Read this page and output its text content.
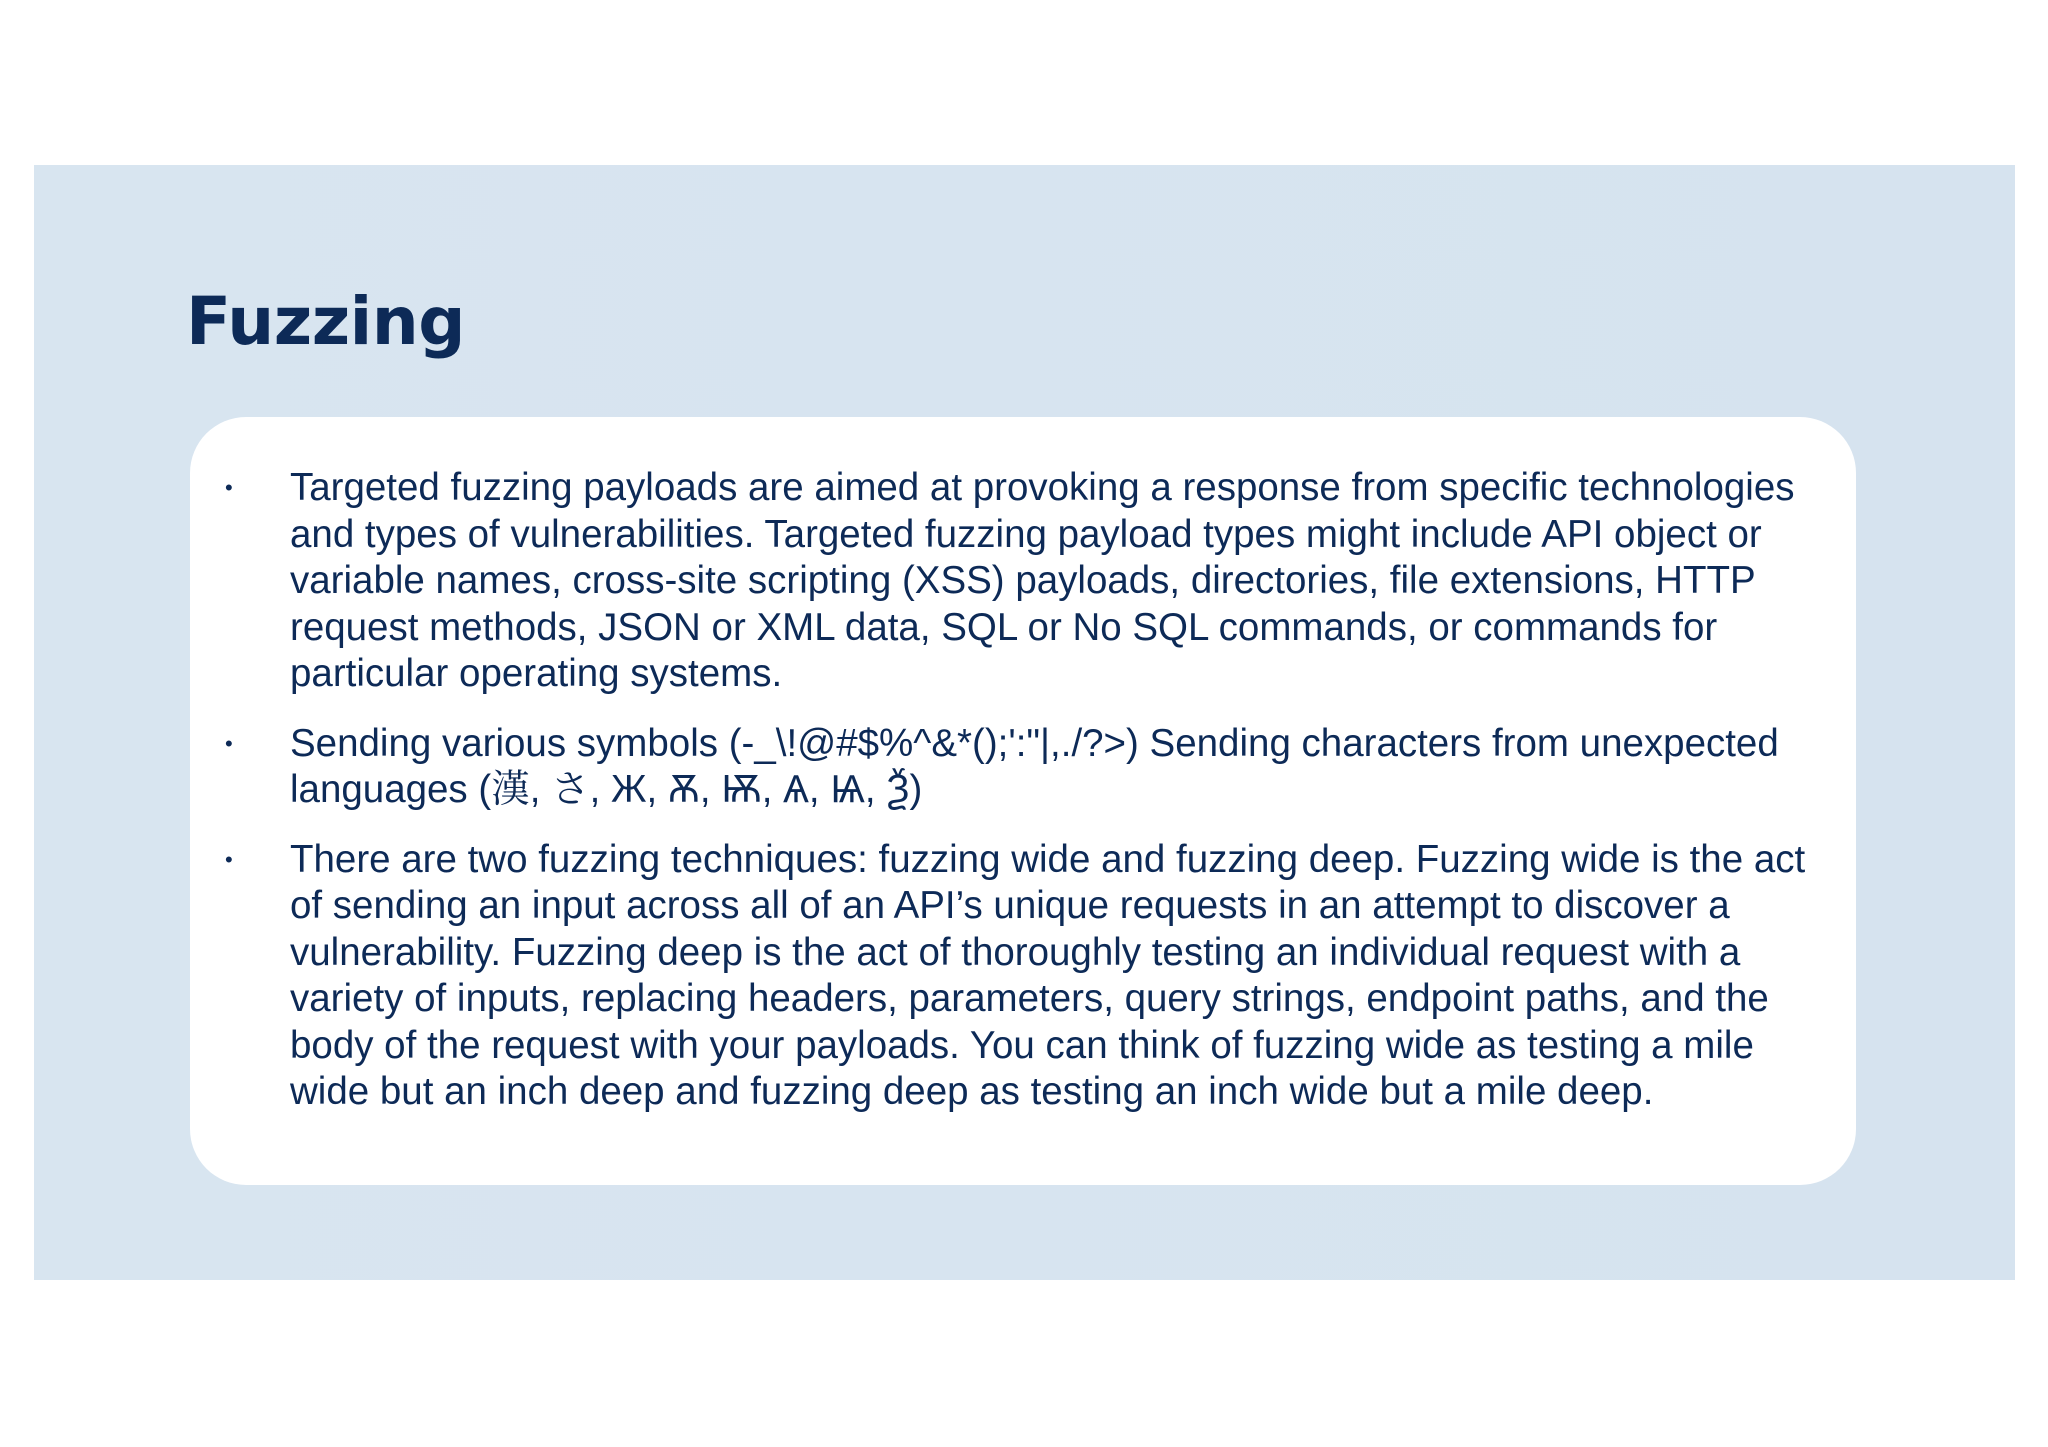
Fuzzing
• Targeted fuzzing payloads are aimed at provoking a response from specific technologies and types of vulnerabilities. Targeted fuzzing payload types might include API object or variable names, cross-site scripting (XSS) payloads, directories, file extensions, HTTP request methods, JSON or XML data, SQL or No SQL commands, or commands for particular operating systems.
• Sending various symbols (-_\!@#$%^&*();':"|,./?>) Sending characters from unexpected languages (漢, さ, Ж, Ѫ, Ѭ, Ѧ, Ѩ, Ѯ)
• There are two fuzzing techniques: fuzzing wide and fuzzing deep. Fuzzing wide is the act of sending an input across all of an API’s unique requests in an attempt to discover a vulnerability. Fuzzing deep is the act of thoroughly testing an individual request with a variety of inputs, replacing headers, parameters, query strings, endpoint paths, and the body of the request with your payloads. You can think of fuzzing wide as testing a mile wide but an inch deep and fuzzing deep as testing an inch wide but a mile deep.
